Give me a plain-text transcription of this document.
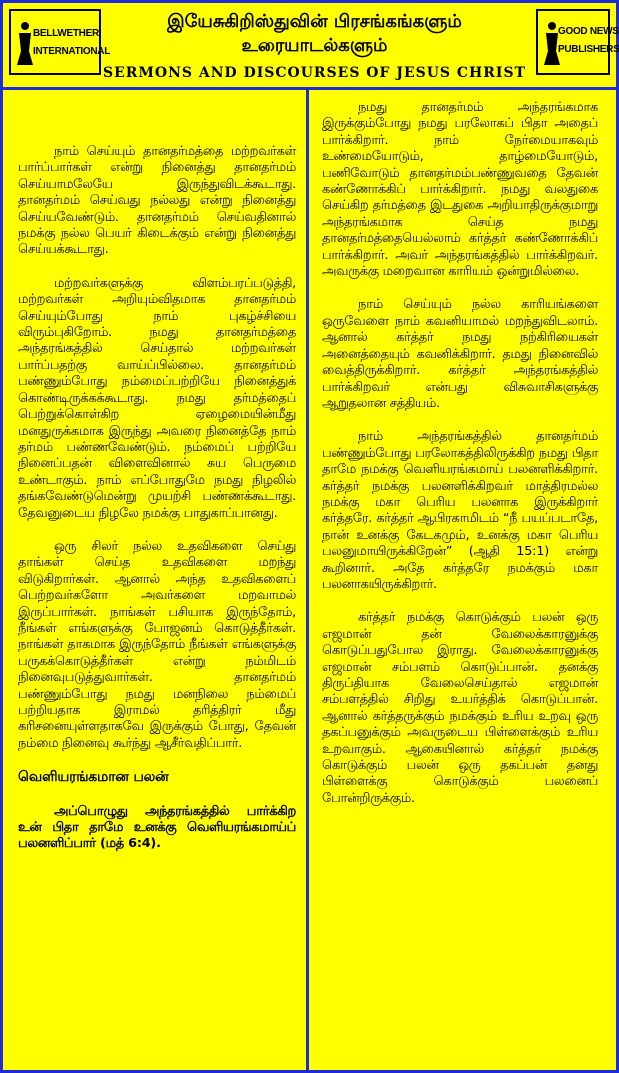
BELLWETHER
INTERNATIONAL
இயேசுகிறிஸ்துவின் பிரசங்கங்களும்
உரையாடல்களும்
SERMONS AND DISCOURSES OF JESUS CHRIST
GOOD NEWS
PUBLISHERS

நாம் செய்யும் தானதர்மத்தை மற்றவர்கள் பார்ப்பார்கள் என்று நினைத்து தானதர்மம் செய்யாமலேயே இருந்துவிடக்கூடாது. தானதர்மம் செய்வது நல்லது என்று நினைத்து செய்யவேண்டும். தானதர்மம் செய்வதினால் நமக்கு நல்ல பெயர் கிடைக்கும் என்று நினைத்து செய்யக்கூடாது.

மற்றவர்களுக்கு விளம்பரப்படுத்தி, மற்றவர்கள் அறியும்விதமாக தானதர்மம் செய்யும்போது நாம் புகழ்ச்சியை விரும்புகிறோம். நமது தானதர்மத்தை அந்தரங்கத்தில் செய்தால் மற்றவர்கள் பார்ப்பதற்கு வாய்ப்பில்லை. தானதர்மம் பண்ணும்போது நம்மைப்பற்றியே நினைத்துக் கொண்டிருக்கக்கூடாது. நமது தர்மத்தைப் பெற்றுக்கொள்கிற ஏழைமையின்மீது மனதுருக்கமாக இருந்து அவரை நினைத்தே நாம் தர்மம் பண்ணவேண்டும். நம்மைப் பற்றியே நினைப்பதன் விளைவினால் சுய பெருமை உண்டாகும். நாம் எப்போதுமே நமது நிழலில் தங்கவேண்டுமென்று முயற்சி பண்ணக்கூடாது. தேவனுடைய நிழலே நமக்கு பாதுகாப்பானது.

ஒரு சிலர் நல்ல உதவிகளை செய்து தாங்கள் செய்த உதவிகளை மறந்து விடுகிறார்கள். ஆனால் அந்த உதவிகளைப் பெற்றவர்களோ அவர்களை மறவாமல் இருப்பார்கள். நாங்கள் பசியாக இருந்தோம், நீங்கள் எங்களுக்கு போஜனம் கொடுத்தீர்கள். நாங்கள் தாகமாக இருந்தோம் நீங்கள் எங்களுக்கு பருகக்கொடுத்தீர்கள் என்று நம்மிடம் நினைவுபடுத்துவார்கள். தானதர்மம் பண்ணும்போது நமது மனநிலை நம்மைப் பற்றியதாக இராமல் தரித்திரர் மீது கரிசனையுள்ளதாகவே இருக்கும் போது, தேவன் நம்மை நினைவு கூர்ந்து ஆசீர்வதிப்பார்.

வெளியரங்கமான பலன்

அப்பொழுது அந்தரங்கத்தில் பார்க்கிற உன் பிதா தாமே உனக்கு வெளியரங்கமாய்ப் பலனளிப்பார் (மத் 6:4).

நமது தானதர்மம் அந்தரங்கமாக இருக்கும்போது நமது பரலோகப் பிதா அதைப் பார்க்கிறார். நாம் நேர்மையாகவும் உண்மையோடும், தாழ்மையோடும், பணிவோடும் தானதர்மம்பண்ணுவதை தேவன் கண்ணோக்கிப் பார்க்கிறார். நமது வலதுகை செய்கிற தர்மத்தை இடதுகை அறியாதிருக்குமாறு அந்தரங்கமாக செய்த நமது தானதர்மத்தையெல்லாம் கர்த்தர் கண்ணோக்கிப் பார்க்கிறார். அவர் அந்தரங்கத்தில் பார்க்கிறவர். அவருக்கு மறைவான காரியம் ஒன்றுமில்லை.

நாம் செய்யும் நல்ல காரியங்களை ஒருவேளை நாம் கவனியாமல் மறந்துவிடலாம். ஆனால் கர்த்தர் நமது நற்கிரியைகள் அனைத்தையும் கவனிக்கிறார். தமது நினைவில் வைத்திருக்கிறார். கர்த்தர் அந்தரங்கத்தில் பார்க்கிறவர் என்பது விசுவாசிகளுக்கு ஆறுதலான சத்தியம்.

நாம் அந்தரங்கத்தில் தானதர்மம் பண்ணும்போது பரலோகத்திலிருக்கிற நமது பிதா தாமே நமக்கு வெளியரங்கமாய் பலனளிக்கிறார். கர்த்தர் நமக்கு பலனளிக்கிறவர் மாத்திரமல்ல நமக்கு மகா பெரிய பலனாக இருக்கிறார் கர்த்தரே. கர்த்தர் ஆபிரகாமிடம் “நீ பயப்படாதே, நான் உனக்கு கேடகமும், உனக்கு மகா பெரிய பலனுமாயிருக்கிறேன்” (ஆதி 15:1) என்று கூறினார். அதே கர்த்தரே நமக்கும் மகா பலனாகயிருக்கிறார்.

கர்த்தர் நமக்கு கொடுக்கும் பலன் ஒரு எஜமான் தன் வேலைக்காரனுக்கு கொடுப்பதுபோல இராது. வேலைக்காரனுக்கு எஜமான் சம்பளம் கொடுப்பான். தனக்கு திருப்தியாக வேலைசெய்தால் எஜமான் சம்பளத்தில் சிறிது உயர்த்திக் கொடுப்பான். ஆனால் கர்த்தருக்கும் நமக்கும் உரிய உறவு ஒரு தகப்பனுக்கும் அவருடைய பிள்ளைக்கும் உரிய உறவாகும். ஆகையினால் கர்த்தர் நமக்கு கொடுக்கும் பலன் ஒரு தகப்பன் தனது பிள்ளைக்கு கொடுக்கும் பலனைப் போன்றிருக்கும்.
